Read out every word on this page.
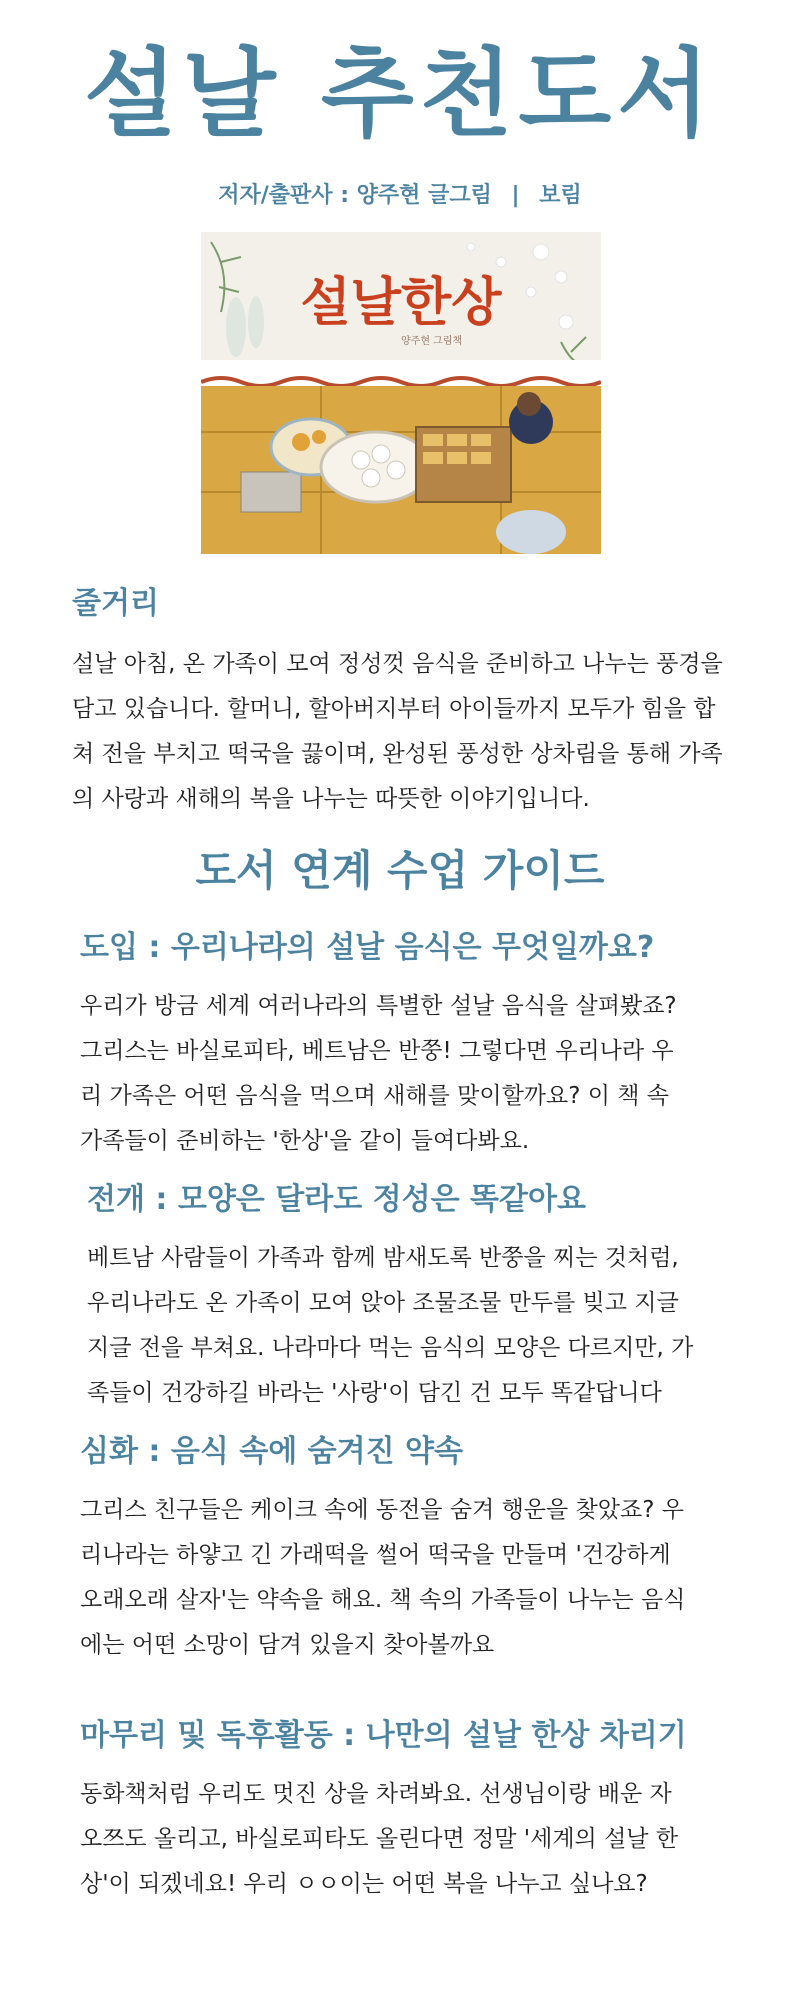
설날 추천도서
저자/출판사 : 양주현 글그림 | 보림
설날한상
양주현 그림책
줄거리

설날 아침, 온 가족이 모여 정성껏 음식을 준비하고 나누는 풍경을 담고 있습니다. 할머니, 할아버지부터 아이들까지 모두가 힘을 합쳐 전을 부치고 떡국을 끓이며, 완성된 풍성한 상차림을 통해 가족의 사랑과 새해의 복을 나누는 따뜻한 이야기입니다.

도서 연계 수업 가이드
도입 : 우리나라의 설날 음식은 무엇일까요?

우리가 방금 세계 여러나라의 특별한 설날 음식을 살펴봤죠? 그리스는 바실로피타, 베트남은 반쭝! 그렇다면 우리나라 우리 가족은 어떤 음식을 먹으며 새해를 맞이할까요? 이 책 속 가족들이 준비하는 '한상'을 같이 들여다봐요.

전개 : 모양은 달라도 정성은 똑같아요

베트남 사람들이 가족과 함께 밤새도록 반쭝을 찌는 것처럼, 우리나라도 온 가족이 모여 앉아 조물조물 만두를 빚고 지글지글 전을 부쳐요. 나라마다 먹는 음식의 모양은 다르지만, 가족들이 건강하길 바라는 '사랑'이 담긴 건 모두 똑같답니다

심화 : 음식 속에 숨겨진 약속

그리스 친구들은 케이크 속에 동전을 숨겨 행운을 찾았죠? 우리나라는 하얗고 긴 가래떡을 썰어 떡국을 만들며 '건강하게 오래오래 살자'는 약속을 해요. 책 속의 가족들이 나누는 음식에는 어떤 소망이 담겨 있을지 찾아볼까요

마무리 및 독후활동 : 나만의 설날 한상 차리기

동화책처럼 우리도 멋진 상을 차려봐요. 선생님이랑 배운 자오쯔도 올리고, 바실로피타도 올린다면 정말 '세계의 설날 한상'이 되겠네요! 우리 ㅇㅇ이는 어떤 복을 나누고 싶나요?
